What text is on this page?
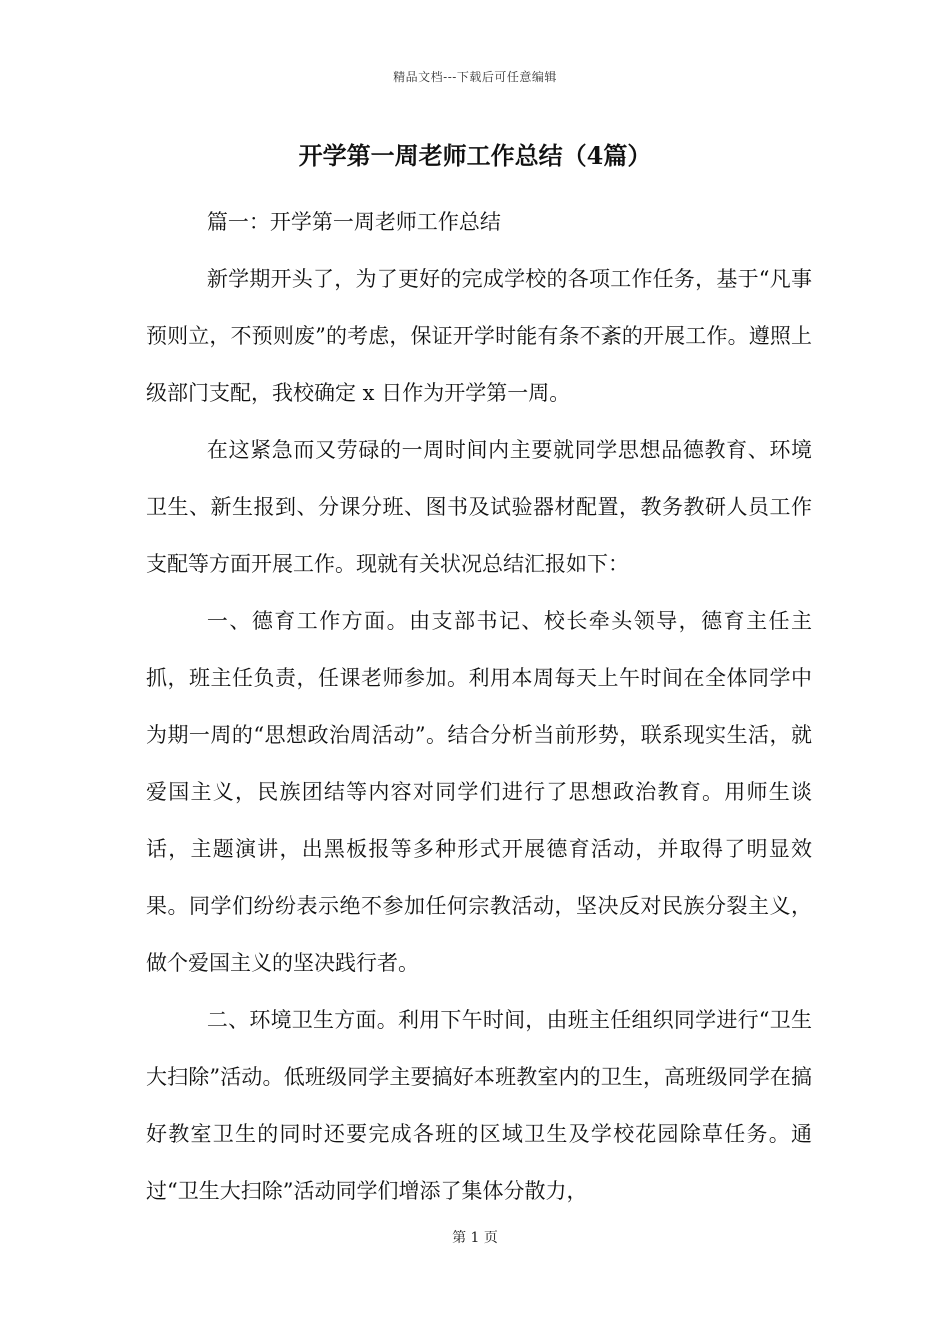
精品文档---下载后可任意编辑
开学第一周老师工作总结（4篇）

篇一：开学第一周老师工作总结

新学期开头了，为了更好的完成学校的各项工作任务，基于“凡事预则立，不预则废”的考虑，保证开学时能有条不紊的开展工作。遵照上级部门支配，我校确定 x 日作为开学第一周。

在这紧急而又劳碌的一周时间内主要就同学思想品德教育、环境卫生、新生报到、分课分班、图书及试验器材配置，教务教研人员工作支配等方面开展工作。现就有关状况总结汇报如下：

一、德育工作方面。由支部书记、校长牵头领导，德育主任主抓，班主任负责，任课老师参加。利用本周每天上午时间在全体同学中为期一周的“思想政治周活动”。结合分析当前形势，联系现实生活，就爱国主义，民族团结等内容对同学们进行了思想政治教育。用师生谈话，主题演讲，出黑板报等多种形式开展德育活动，并取得了明显效果。同学们纷纷表示绝不参加任何宗教活动，坚决反对民族分裂主义，做个爱国主义的坚决践行者。

二、环境卫生方面。利用下午时间，由班主任组织同学进行“卫生大扫除”活动。低班级同学主要搞好本班教室内的卫生，高班级同学在搞好教室卫生的同时还要完成各班的区域卫生及学校花园除草任务。通过“卫生大扫除”活动同学们增添了集体分散力，

第 1 页
